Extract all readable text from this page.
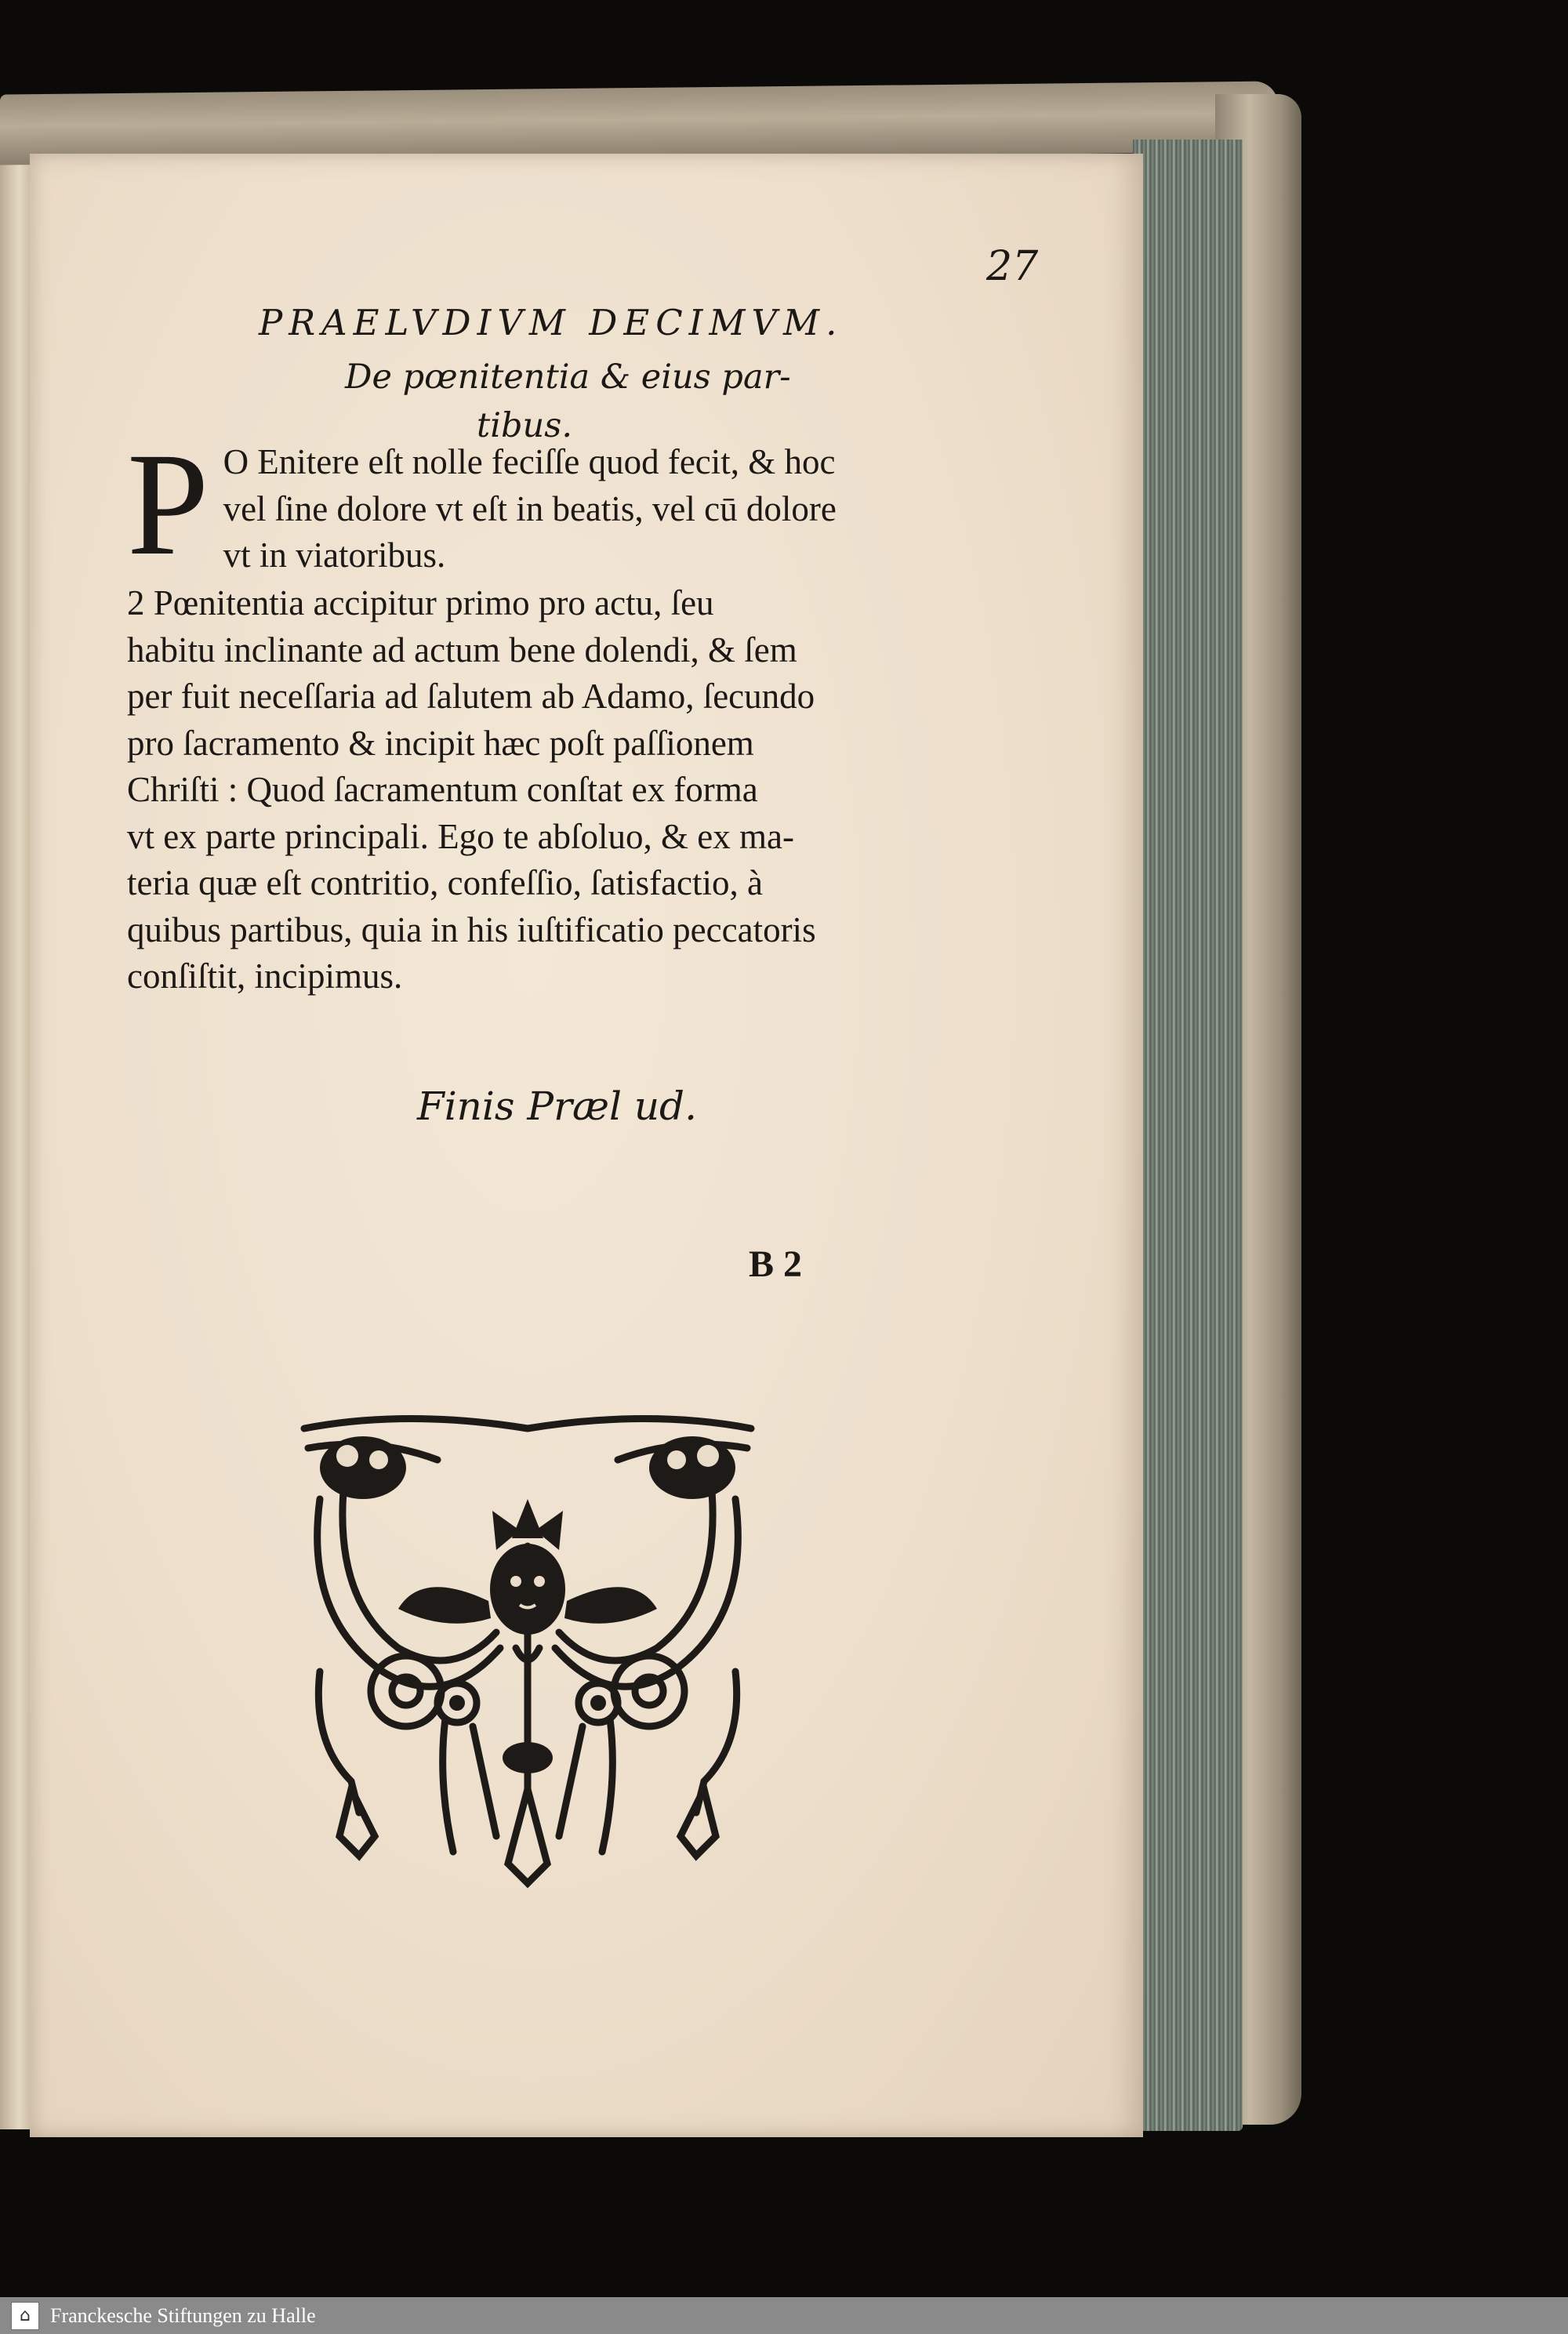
27
PRAELVDIVM DECIMVM.
De pœnitentia & eius par-
tibus.
P O Enitere eſt nolle feciſſe quod fecit, & hoc
vel ſine dolore vt eſt in beatis, vel cū dolore
vt in viatoribus.
2 Pœnitentia accipitur primo pro actu, ſeu
habitu inclinante ad actum bene dolendi, & ſem
per fuit neceſſaria ad ſalutem ab Adamo, ſecundo
pro ſacramento & incipit hæc poſt paſſionem
Chriſti : Quod ſacramentum conſtat ex forma
vt ex parte principali. Ego te abſoluo, & ex ma-
teria quæ eſt contritio, confeſſio, ſatisfactio, à
quibus partibus, quia in his iuſtificatio peccatoris
conſiſtit, incipimus.
Finis Præl ud.
B 2
⌂ Franckesche Stiftungen zu Halle
